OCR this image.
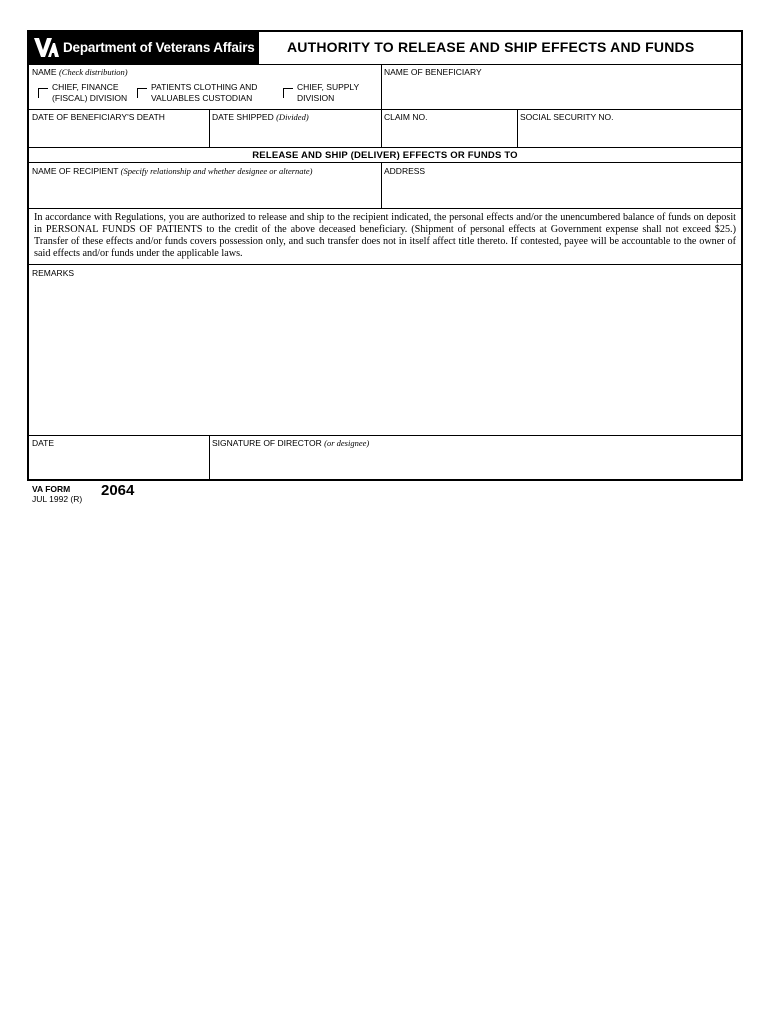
Department of Veterans Affairs AUTHORITY TO RELEASE AND SHIP EFFECTS AND FUNDS
NAME (Check distribution)
CHIEF, FINANCE
(FISCAL) DIVISION
PATIENTS CLOTHING AND
VALUABLES CUSTODIAN
CHIEF, SUPPLY
DIVISION
NAME OF BENEFICIARY
DATE OF BENEFICIARY'S DEATH	DATE SHIPPED (Divided)	CLAIM NO.	SOCIAL SECURITY NO.
RELEASE AND SHIP (DELIVER) EFFECTS OR FUNDS TO
NAME OF RECIPIENT (Specify relationship and whether designee or alternate)	ADDRESS
In accordance with Regulations, you are authorized to release and ship to the recipient indicated, the personal effects and/or the unencumbered balance of funds on deposit in PERSONAL FUNDS OF PATIENTS to the credit of the above deceased beneficiary. (Shipment of personal effects at Government expense shall not exceed $25.) Transfer of these effects and/or funds covers possession only, and such transfer does not in itself affect title thereto. If contested, payee will be accountable to the owner of said effects and/or funds under the applicable laws.
REMARKS
DATE	SIGNATURE OF DIRECTOR (or designee)
VA FORM
JUL 1992 (R) 2064
